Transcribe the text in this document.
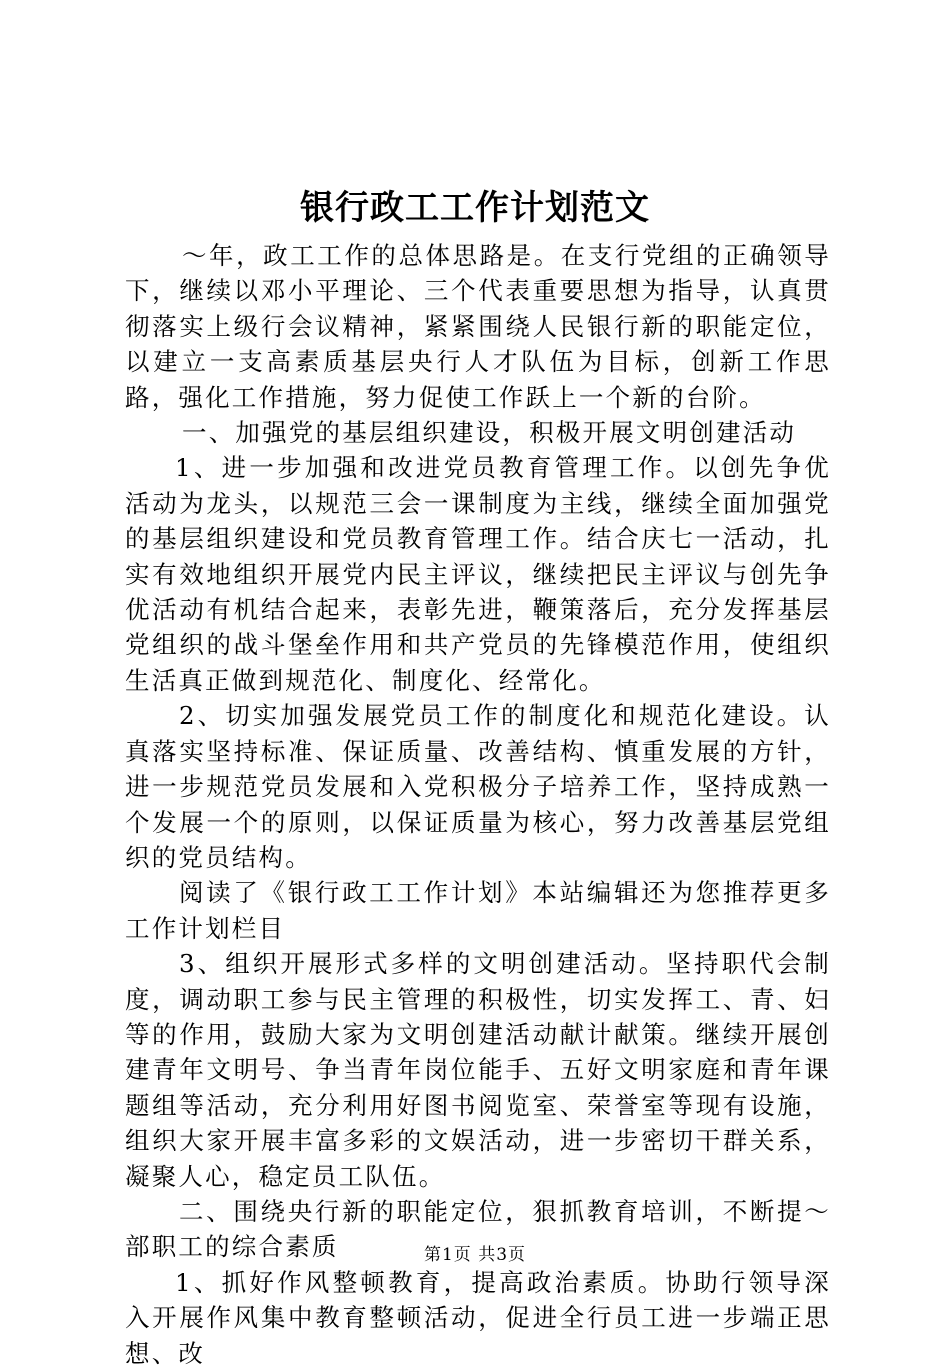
银行政工工作计划范文

～年，政工工作的总体思路是。在支行党组的正确领导下，继续以邓小平理论、三个代表重要思想为指导，认真贯彻落实上级行会议精神，紧紧围绕人民银行新的职能定位，以建立一支高素质基层央行人才队伍为目标，创新工作思路，强化工作措施，努力促使工作跃上一个新的台阶。

一、加强党的基层组织建设，积极开展文明创建活动

1、进一步加强和改进党员教育管理工作。以创先争优活动为龙头，以规范三会一课制度为主线，继续全面加强党的基层组织建设和党员教育管理工作。结合庆七一活动，扎实有效地组织开展党内民主评议，继续把民主评议与创先争优活动有机结合起来，表彰先进，鞭策落后，充分发挥基层党组织的战斗堡垒作用和共产党员的先锋模范作用，使组织生活真正做到规范化、制度化、经常化。

2、切实加强发展党员工作的制度化和规范化建设。认真落实坚持标准、保证质量、改善结构、慎重发展的方针，进一步规范党员发展和入党积极分子培养工作，坚持成熟一个发展一个的原则，以保证质量为核心，努力改善基层党组织的党员结构。

阅读了《银行政工工作计划》本站编辑还为您推荐更多工作计划栏目

3、组织开展形式多样的文明创建活动。坚持职代会制度，调动职工参与民主管理的积极性，切实发挥工、青、妇等的作用，鼓励大家为文明创建活动献计献策。继续开展创建青年文明号、争当青年岗位能手、五好文明家庭和青年课题组等活动，充分利用好图书阅览室、荣誉室等现有设施，组织大家开展丰富多彩的文娱活动，进一步密切干群关系，凝聚人心，稳定员工队伍。

二、围绕央行新的职能定位，狠抓教育培训，不断提～部职工的综合素质

1、抓好作风整顿教育，提高政治素质。协助行领导深入开展作风集中教育整顿活动，促进全行员工进一步端正思想、改

第1页 共3页
